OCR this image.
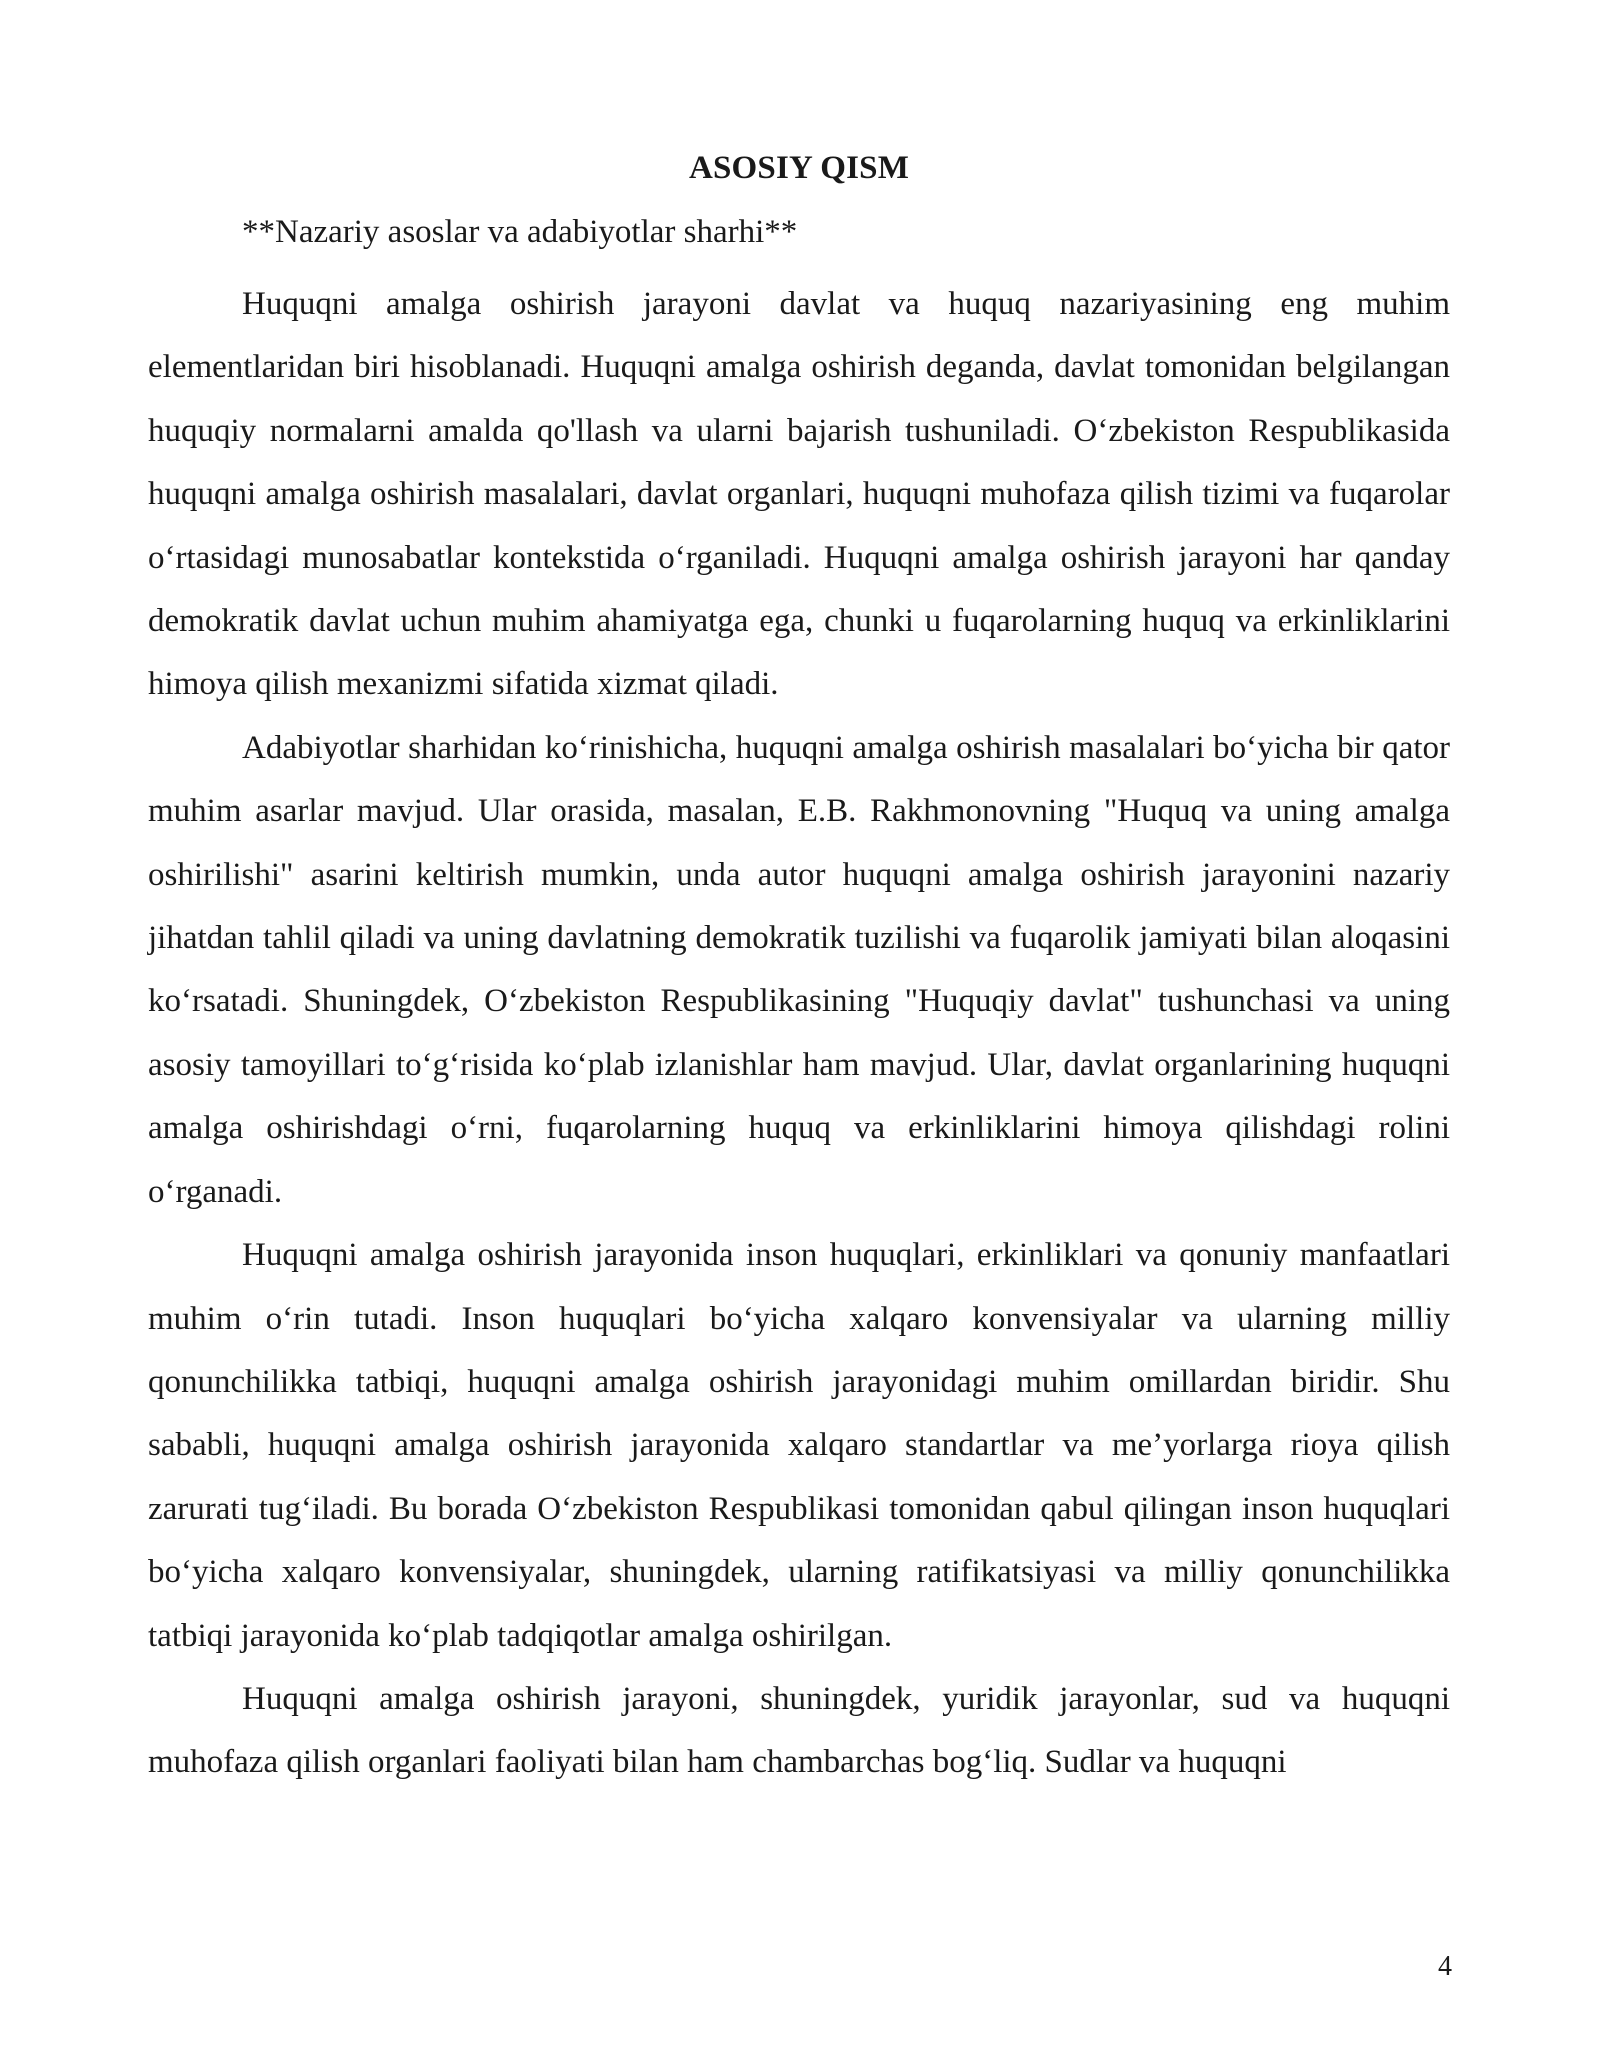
ASOSIY QISM

**Nazariy asoslar va adabiyotlar sharhi**

Huquqni amalga oshirish jarayoni davlat va huquq nazariyasining eng muhim elementlaridan biri hisoblanadi. Huquqni amalga oshirish deganda, davlat tomonidan belgilangan huquqiy normalarni amalda qo'llash va ularni bajarish tushuniladi. O‘zbekiston Respublikasida huquqni amalga oshirish masalalari, davlat organlari, huquqni muhofaza qilish tizimi va fuqarolar o‘rtasidagi munosabatlar kontekstida o‘rganiladi. Huquqni amalga oshirish jarayoni har qanday demokratik davlat uchun muhim ahamiyatga ega, chunki u fuqarolarning huquq va erkinliklarini himoya qilish mexanizmi sifatida xizmat qiladi.

Adabiyotlar sharhidan ko‘rinishicha, huquqni amalga oshirish masalalari bo‘yicha bir qator muhim asarlar mavjud. Ular orasida, masalan, E.B. Rakhmonovning "Huquq va uning amalga oshirilishi" asarini keltirish mumkin, unda autor huquqni amalga oshirish jarayonini nazariy jihatdan tahlil qiladi va uning davlatning demokratik tuzilishi va fuqarolik jamiyati bilan aloqasini ko‘rsatadi. Shuningdek, O‘zbekiston Respublikasining "Huquqiy davlat" tushunchasi va uning asosiy tamoyillari to‘g‘risida ko‘plab izlanishlar ham mavjud. Ular, davlat organlarining huquqni amalga oshirishdagi o‘rni, fuqarolarning huquq va erkinliklarini himoya qilishdagi rolini o‘rganadi.

Huquqni amalga oshirish jarayonida inson huquqlari, erkinliklari va qonuniy manfaatlari muhim o‘rin tutadi. Inson huquqlari bo‘yicha xalqaro konvensiyalar va ularning milliy qonunchilikka tatbiqi, huquqni amalga oshirish jarayonidagi muhim omillardan biridir. Shu sababli, huquqni amalga oshirish jarayonida xalqaro standartlar va me’yorlarga rioya qilish zarurati tug‘iladi. Bu borada O‘zbekiston Respublikasi tomonidan qabul qilingan inson huquqlari bo‘yicha xalqaro konvensiyalar, shuningdek, ularning ratifikatsiyasi va milliy qonunchilikka tatbiqi jarayonida ko‘plab tadqiqotlar amalga oshirilgan.

Huquqni amalga oshirish jarayoni, shuningdek, yuridik jarayonlar, sud va huquqni muhofaza qilish organlari faoliyati bilan ham chambarchas bog‘liq. Sudlar va huquqni

4
